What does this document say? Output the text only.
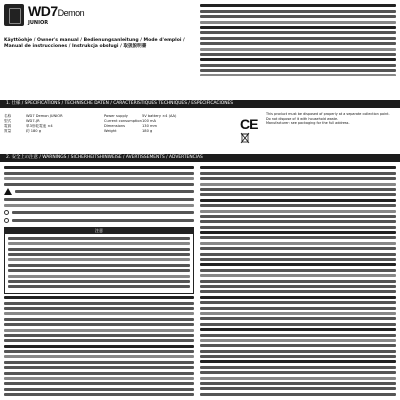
WD7Demon
JUNIOR
Käyttöohje / Owner's manual / Bedienungsanleitung / Mode d'emploi /
Manual de instrucciones / Instrukcja obsługi / 取扱説明書
1. 仕様 / SPECIFICATIONS / TECHNISCHE DATEN / CARACTÉRISTIQUES TECHNIQUES / ESPECIFICACIONES
名称	WD7 Demon JUNIOR	Power supply	5V battery ×4 (AA)
型式	WD7-JR	Current consumption 100 mA
電源	単3形乾電池 ×4	Dimensions	130 mm
質量	約 180 g	Weight	180 g	CE
This product must be disposed of properly at a separate collection point.
Do not dispose of it with household waste.
Manufacturer: see packaging for the full address.
2. 安全上の注意 / WARNINGS / SICHERHEITSHINWEISE / AVERTISSEMENTS / ADVERTENCIAS
注意
